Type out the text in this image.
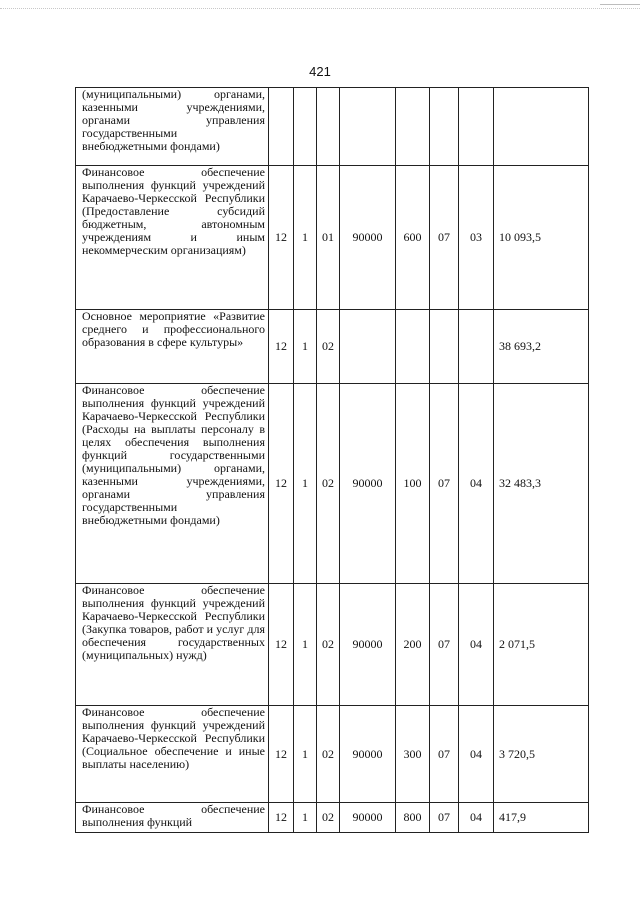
421
(муниципальными) органами, казенными учреждениями, органами управления государственными внебюджетными фондами)								
Финансовое обеспечение выполнения функций учреждений Карачаево-Черкесской Республики (Предоставление субсидий бюджетным, автономным учреждениям и иным некоммерческим организациям)	12	1	01	90000	600	07	03	10 093,5
Основное мероприятие «Развитие среднего и профессионального образования в сфере культуры»	12	1	02					38 693,2
Финансовое обеспечение выполнения функций учреждений Карачаево-Черкесской Республики (Расходы на выплаты персоналу в целях обеспечения выполнения функций государственными (муниципальными) органами, казенными учреждениями, органами управления государственными внебюджетными фондами)	12	1	02	90000	100	07	04	32 483,3
Финансовое обеспечение выполнения функций учреждений Карачаево-Черкесской Республики (Закупка товаров, работ и услуг для обеспечения государственных (муниципальных) нужд)	12	1	02	90000	200	07	04	2 071,5
Финансовое обеспечение выполнения функций учреждений Карачаево-Черкесской Республики (Социальное обеспечение и иные выплаты населению)	12	1	02	90000	300	07	04	3 720,5
Финансовое обеспечение выполнения функций	12	1	02	90000	800	07	04	417,9
